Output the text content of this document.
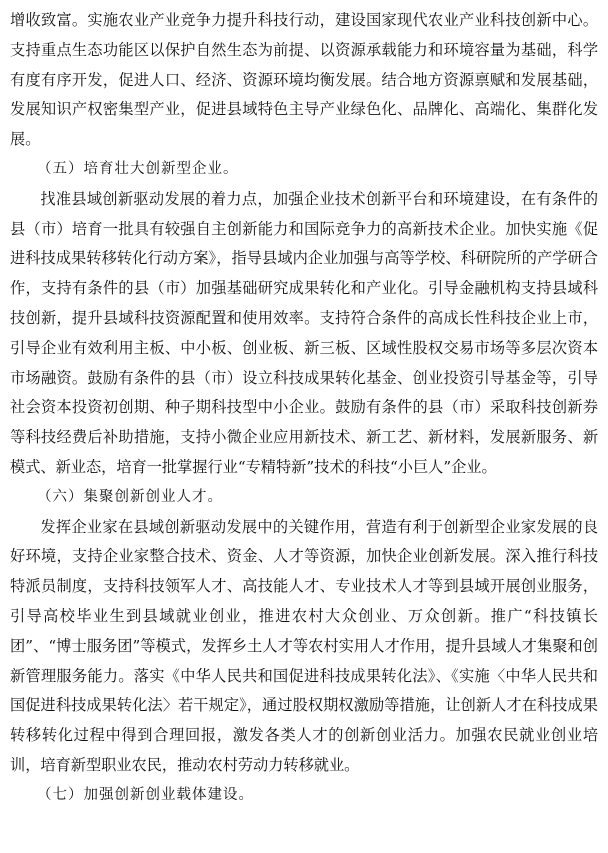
增收致富。实施农业产业竞争力提升科技行动，建设国家现代农业产业科技创新中心。支持重点生态功能区以保护自然生态为前提、以资源承载能力和环境容量为基础，科学有度有序开发，促进人口、经济、资源环境均衡发展。结合地方资源禀赋和发展基础，发展知识产权密集型产业，促进县域特色主导产业绿色化、品牌化、高端化、集群化发展。

（五）培育壮大创新型企业。

找准县域创新驱动发展的着力点，加强企业技术创新平台和环境建设，在有条件的县（市）培育一批具有较强自主创新能力和国际竞争力的高新技术企业。加快实施《促进科技成果转移转化行动方案》，指导县域内企业加强与高等学校、科研院所的产学研合作，支持有条件的县（市）加强基础研究成果转化和产业化。引导金融机构支持县域科技创新，提升县域科技资源配置和使用效率。支持符合条件的高成长性科技企业上市，引导企业有效利用主板、中小板、创业板、新三板、区域性股权交易市场等多层次资本市场融资。鼓励有条件的县（市）设立科技成果转化基金、创业投资引导基金等，引导社会资本投资初创期、种子期科技型中小企业。鼓励有条件的县（市）采取科技创新券等科技经费后补助措施，支持小微企业应用新技术、新工艺、新材料，发展新服务、新模式、新业态，培育一批掌握行业“专精特新”技术的科技“小巨人”企业。

（六）集聚创新创业人才。

发挥企业家在县域创新驱动发展中的关键作用，营造有利于创新型企业家发展的良好环境，支持企业家整合技术、资金、人才等资源，加快企业创新发展。深入推行科技特派员制度，支持科技领军人才、高技能人才、专业技术人才等到县域开展创业服务，引导高校毕业生到县域就业创业，推进农村大众创业、万众创新。推广“科技镇长团”、“博士服务团”等模式，发挥乡土人才等农村实用人才作用，提升县域人才集聚和创新管理服务能力。落实《中华人民共和国促进科技成果转化法》、《实施〈中华人民共和国促进科技成果转化法〉若干规定》，通过股权期权激励等措施，让创新人才在科技成果转移转化过程中得到合理回报，激发各类人才的创新创业活力。加强农民就业创业培训，培育新型职业农民，推动农村劳动力转移就业。

（七）加强创新创业载体建设。
